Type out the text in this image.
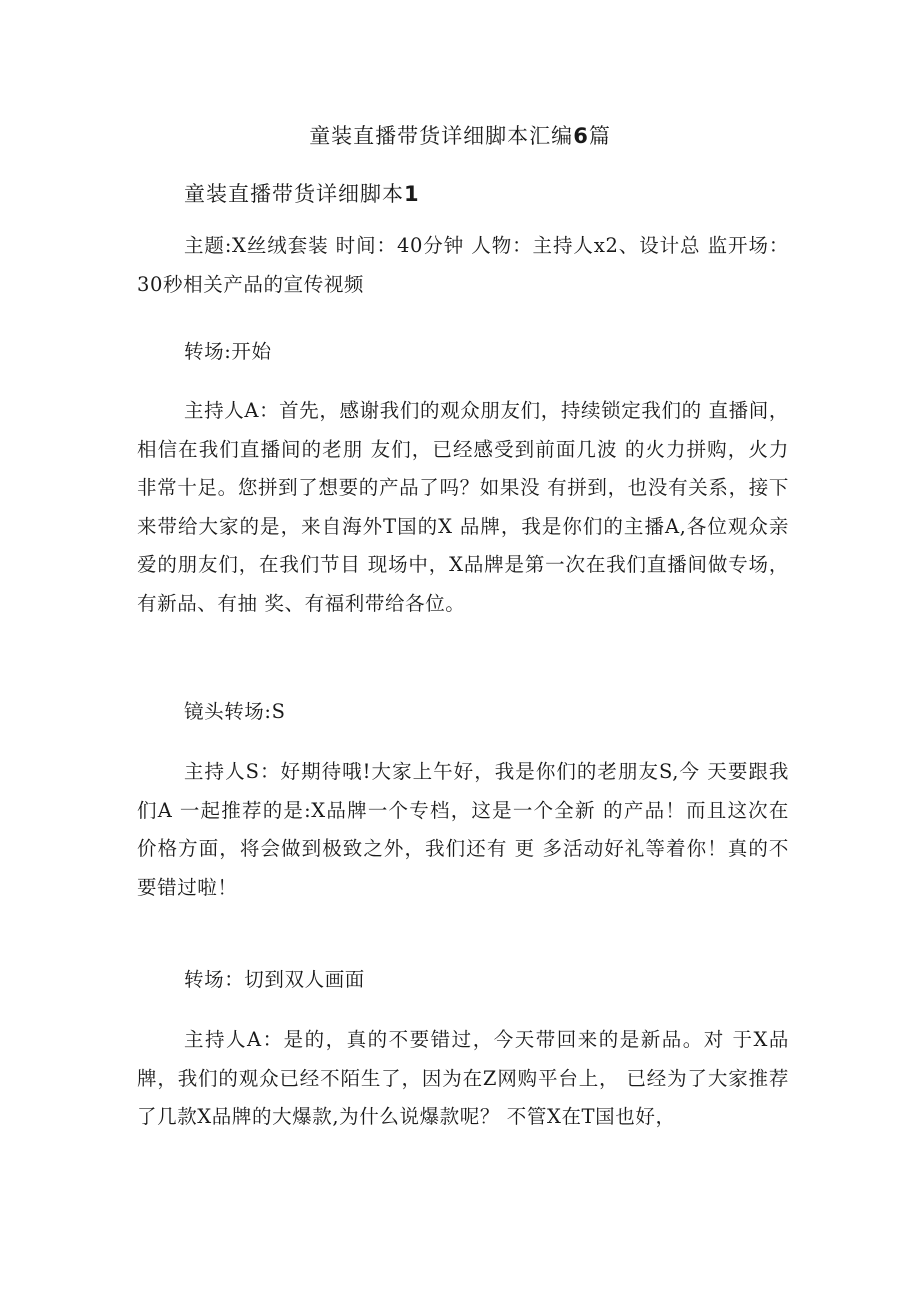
童装直播带货详细脚本汇编6篇
童装直播带货详细脚本1

主题:X丝绒套装 时间：40分钟 人物：主持人x2、设计总 监开场：30秒相关产品的宣传视频

转场:开始

主持人A：首先，感谢我们的观众朋友们，持续锁定我们的 直播间，相信在我们直播间的老朋 友们，已经感受到前面几波 的火力拼购，火力非常十足。您拼到了想要的产品了吗？如果没 有拼到，也没有关系，接下来带给大家的是，来自海外T国的X 品牌，我是你们的主播A,各位观众亲爱的朋友们，在我们节目 现场中，X品牌是第一次在我们直播间做专场，有新品、有抽 奖、有福利带给各位。

镜头转场:S

主持人S：好期待哦!大家上午好，我是你们的老朋友S,今 天要跟我们A 一起推荐的是:X品牌一个专档，这是一个全新 的产品！而且这次在价格方面，将会做到极致之外，我们还有 更 多活动好礼等着你！真的不要错过啦！

转场：切到双人画面

主持人A：是的，真的不要错过，今天带回来的是新品。对 于X品牌，我们的观众已经不陌生了，因为在Z网购平台上， 已经为了大家推荐了几款X品牌的大爆款,为什么说爆款呢？ 不管X在T国也好，
